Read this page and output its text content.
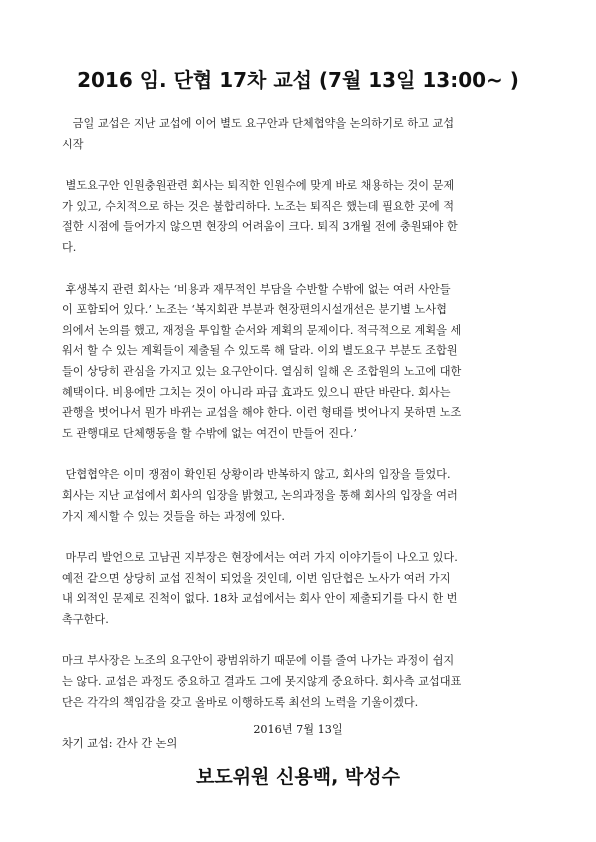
2016 임. 단협 17차 교섭 (7월 13일 13:00~ )
금일 교섭은 지난 교섭에 이어 별도 요구안과 단체협약을 논의하기로 하고 교섭
시작
별도요구안 인원충원관련 회사는 퇴직한 인원수에 맞게 바로 채용하는 것이 문제
가 있고, 수치적으로 하는 것은 불합리하다. 노조는 퇴직은 했는데 필요한 곳에 적
절한 시점에 들어가지 않으면 현장의 어려움이 크다. 퇴직 3개월 전에 충원돼야 한
다.
후생복지 관련 회사는 ‘비용과 재무적인 부담을 수반할 수밖에 없는 여러 사안들
이 포함되어 있다.’ 노조는 ‘복지회관 부분과 현장편의시설개선은 분기별 노사협
의에서 논의를 했고, 재정을 투입할 순서와 계획의 문제이다. 적극적으로 계획을 세
워서 할 수 있는 계획들이 제출될 수 있도록 해 달라. 이외 별도요구 부분도 조합원
들이 상당히 관심을 가지고 있는 요구안이다. 열심히 일해 온 조합원의 노고에 대한
혜택이다. 비용에만 그치는 것이 아니라 파급 효과도 있으니 판단 바란다. 회사는
관행을 벗어나서 뭔가 바뀌는 교섭을 해야 한다. 이런 형태를 벗어나지 못하면 노조
도 관행대로 단체행동을 할 수밖에 없는 여건이 만들어 진다.’
단협협약은 이미 쟁점이 확인된 상황이라 반복하지 않고, 회사의 입장을 들었다.
회사는 지난 교섭에서 회사의 입장을 밝혔고, 논의과정을 통해 회사의 입장을 여러
가지 제시할 수 있는 것들을 하는 과정에 있다.
마무리 발언으로 고남권 지부장은 현장에서는 여러 가지 이야기들이 나오고 있다.
예전 같으면 상당히 교섭 진척이 되었을 것인데, 이번 임단협은 노사가 여러 가지
내 외적인 문제로 진척이 없다. 18차 교섭에서는 회사 안이 제출되기를 다시 한 번
촉구한다.
마크 부사장은 노조의 요구안이 광범위하기 때문에 이를 줄여 나가는 과정이 쉽지
는 않다. 교섭은 과정도 중요하고 결과도 그에 못지않게 중요하다. 회사측 교섭대표
단은 각각의 책임감을 갖고 올바로 이행하도록 최선의 노력을 기울이겠다.
차기 교섭: 간사 간 논의
2016년 7월 13일
보도위원 신용백, 박성수
